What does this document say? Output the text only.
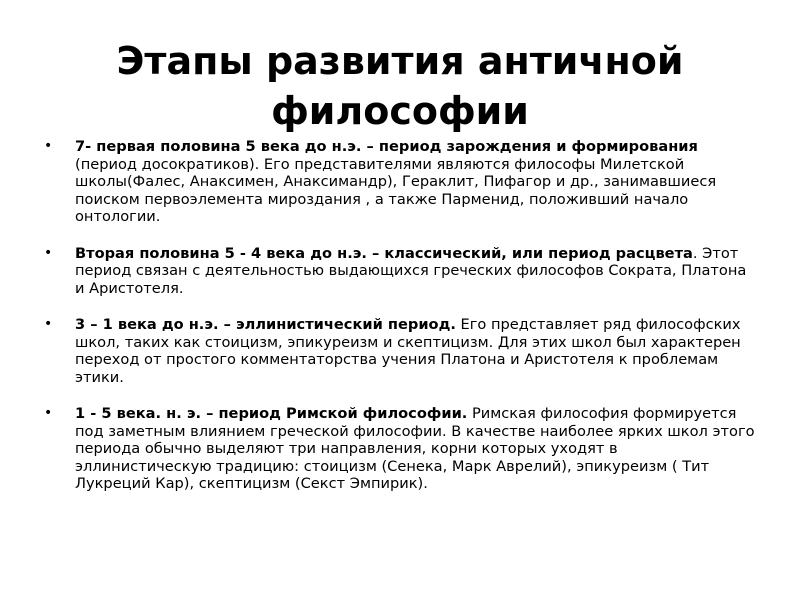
Этапы развития античной
философии
• 7- первая половина 5 века до н.э. – период зарождения и формирования (период досократиков). Его представителями являются философы Милетской школы(Фалес, Анаксимен, Анаксимандр), Гераклит, Пифагор и др., занимавшиеся поиском первоэлемента мироздания , а также Парменид, положивший начало онтологии.
• Вторая половина 5 - 4 века до н.э. – классический, или период расцвета. Этот период связан с деятельностью выдающихся греческих философов Сократа, Платона и Аристотеля.
• 3 – 1 века до н.э. – эллинистический период. Его представляет ряд философских школ, таких как стоицизм, эпикуреизм и скептицизм. Для этих школ был характерен переход от простого комментаторства учения Платона и Аристотеля к проблемам этики.
• 1 - 5 века. н. э. – период Римской философии. Римская философия формируется под заметным влиянием греческой философии. В качестве наиболее ярких школ этого периода обычно выделяют три направления, корни которых уходят в эллинистическую традицию: стоицизм (Сенека, Марк Аврелий), эпикуреизм ( Тит Лукреций Кар), скептицизм (Секст Эмпирик).
